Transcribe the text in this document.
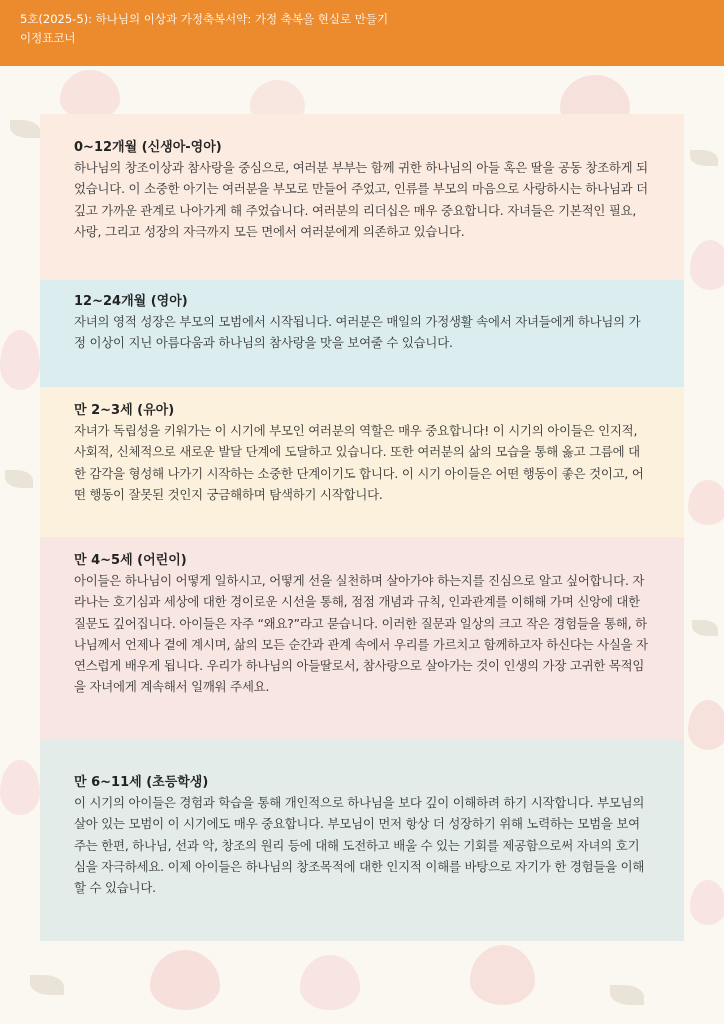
5호(2025-5): 하나님의 이상과 가정축복서약: 가정 축복을 현실로 만들기
이정표코너
0~12개월 (신생아-영아)

하나님의 창조이상과 참사랑을 중심으로, 여러분 부부는 함께 귀한 하나님의 아들 혹은 딸을 공동 창조하게 되었습니다. 이 소중한 아기는 여러분을 부모로 만들어 주었고, 인류를 부모의 마음으로 사랑하시는 하나님과 더 깊고 가까운 관계로 나아가게 해 주었습니다. 여러분의 리더십은 매우 중요합니다. 자녀들은 기본적인 필요, 사랑, 그리고 성장의 자극까지 모든 면에서 여러분에게 의존하고 있습니다.

12~24개월 (영아)

자녀의 영적 성장은 부모의 모범에서 시작됩니다. 여러분은 매일의 가정생활 속에서 자녀들에게 하나님의 가정 이상이 지닌 아름다움과 하나님의 참사랑을 맛을 보여줄 수 있습니다.

만 2~3세 (유아)

자녀가 독립성을 키워가는 이 시기에 부모인 여러분의 역할은 매우 중요합니다! 이 시기의 아이들은 인지적, 사회적, 신체적으로 새로운 발달 단계에 도달하고 있습니다. 또한 여러분의 삶의 모습을 통해 옳고 그름에 대한 감각을 형성해 나가기 시작하는 소중한 단계이기도 합니다. 이 시기 아이들은 어떤 행동이 좋은 것이고, 어떤 행동이 잘못된 것인지 궁금해하며 탐색하기 시작합니다.

만 4~5세 (어린이)

아이들은 하나님이 어떻게 일하시고, 어떻게 선을 실천하며 살아가야 하는지를 진심으로 알고 싶어합니다. 자라나는 호기심과 세상에 대한 경이로운 시선을 통해, 점점 개념과 규칙, 인과관계를 이해해 가며 신앙에 대한 질문도 깊어집니다. 아이들은 자주 “왜요?”라고 묻습니다. 이러한 질문과 일상의 크고 작은 경험들을 통해, 하나님께서 언제나 곁에 계시며, 삶의 모든 순간과 관계 속에서 우리를 가르치고 함께하고자 하신다는 사실을 자연스럽게 배우게 됩니다. 우리가 하나님의 아들딸로서, 참사랑으로 살아가는 것이 인생의 가장 고귀한 목적임을 자녀에게 계속해서 일깨워 주세요.

만 6~11세 (초등학생)

이 시기의 아이들은 경험과 학습을 통해 개인적으로 하나님을 보다 깊이 이해하려 하기 시작합니다. 부모님의 살아 있는 모범이 이 시기에도 매우 중요합니다. 부모님이 먼저 항상 더 성장하기 위해 노력하는 모범을 보여주는 한편, 하나님, 선과 악, 창조의 원리 등에 대해 도전하고 배울 수 있는 기회를 제공함으로써 자녀의 호기심을 자극하세요. 이제 아이들은 하나님의 창조목적에 대한 인지적 이해를 바탕으로 자기가 한 경험들을 이해할 수 있습니다.
